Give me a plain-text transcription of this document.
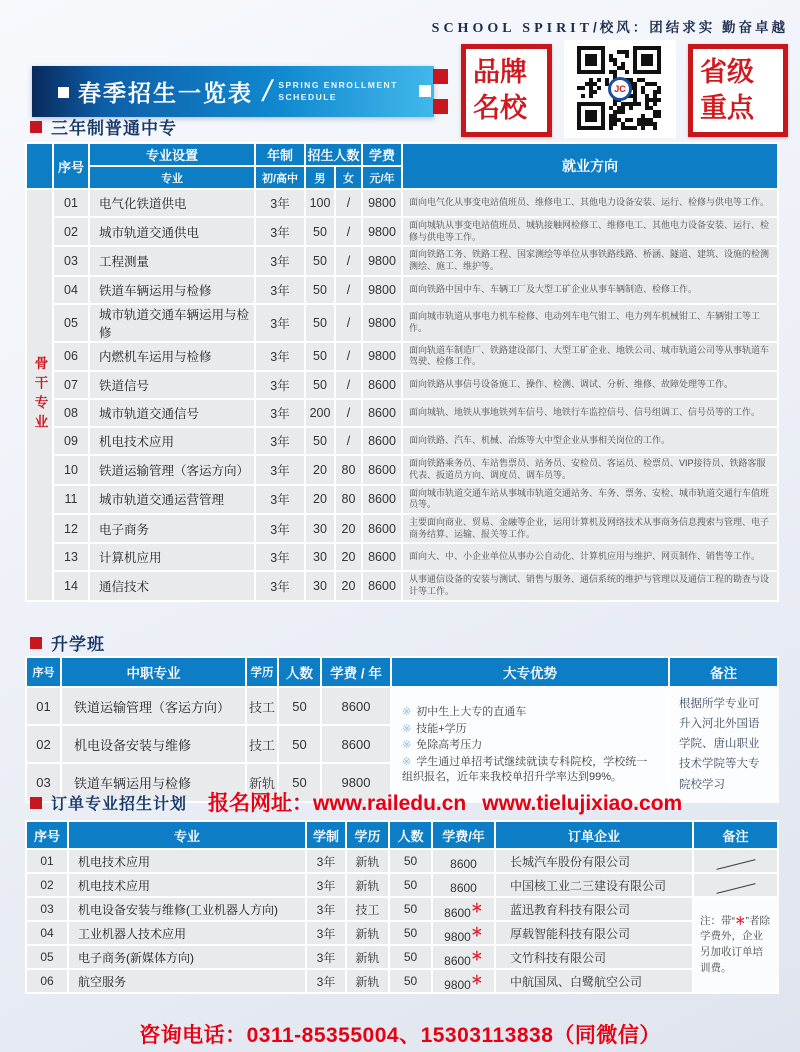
SCHOOL SPIRIT/校风：团结求实 勤奋卓越
春季招生一览表 / SPRING ENROLLMENT
SCHEDULE
品牌
名校
JC
省级
重点
三年制普通中专
	序号	专业设置	年制	招生人数		学费	就业方向
		专业	初/高中	男	女	元/年	
骨干专业	01	电气化铁道供电	3年	100	/	9800	面向电气化从事变电站值班员、维修电工、其他电力设备安装、运行、检修与供电等工作。
	02	城市轨道交通供电	3年	50	/	9800	面向城轨从事变电站值班员、城轨接触网检修工、维修电工、其他电力设备安装、运行、检修与供电等工作。
	03	工程测量	3年	50	/	9800	面向铁路工务、铁路工程、国家测绘等单位从事铁路线路、桥涵、隧道、建筑、设施的检测测绘、施工、维护等。
	04	铁道车辆运用与检修	3年	50	/	9800	面向铁路中国中车、车辆工厂及大型工矿企业从事车辆制造、检修工作。
	05	城市轨道交通车辆运用与检修	3年	50	/	9800	面向城市轨道从事电力机车检修、电动列车电气钳工、电力列车机械钳工、车辆钳工等工作。
	06	内燃机车运用与检修	3年	50	/	9800	面向轨道车制造厂、铁路建设部门、大型工矿企业、地铁公司、城市轨道公司等从事轨道车驾驶、检修工作。
	07	铁道信号	3年	50	/	8600	面向铁路从事信号设备施工、操作、检测、调试、分析、维修、故障处理等工作。
	08	城市轨道交通信号	3年	200	/	8600	面向城轨、地铁从事地铁列车信号、地铁行车监控信号、信号组调工、信号员等的工作。
	09	机电技术应用	3年	50	/	8600	面向铁路、汽车、机械、冶炼等大中型企业从事相关岗位的工作。
	10	铁道运输管理（客运方向）	3年	20	80	8600	面向铁路乘务员、车站售票员、站务员、安检员、客运员、检票员、VIP接待员、铁路客服代表、扳道员方向、调度员、调车员等。
	11	城市轨道交通运营管理	3年	20	80	8600	面向城市轨道交通车站从事城市轨道交通站务、车务、票务、安检、城市轨道交通行车值班员等。
	12	电子商务	3年	30	20	8600	主要面向商业、贸易、金融等企业，运用计算机及网络技术从事商务信息搜索与管理、电子商务结算、运输、报关等工作。
	13	计算机应用	3年	30	20	8600	面向大、中、小企业单位从事办公自动化、计算机应用与维护、网页制作、销售等工作。
	14	通信技术	3年	30	20	8600	从事通信设备的安装与测试、销售与服务、通信系统的维护与管理以及通信工程的勘查与设计等工作。
升学班
序号	中职专业	学历	人数	学费 / 年	大专优势	备注
01	铁道运输管理（客运方向）	技工	50	8600	※ 初中生上大专的直通车
※ 技能+学历
※ 免除高考压力
※ 学生通过单招考试继续就读专科院校，学校统一组织报名，近年来我校单招升学率达到99%。	根据所学专业可升入河北外国语学院、唐山职业技术学院等大专院校学习
02	机电设备安装与维修	技工	50	8600		
03	铁道车辆运用与检修	新轨	50	9800		
订单专业招生计划 报名网址：www.railedu.cn www.tielujixiao.com
序号	专业	学制	学历	人数	学费/年	订单企业	备注
01	机电技术应用	3年	新轨	50	8600	长城汽车股份有限公司	
02	机电技术应用	3年	新轨	50	8600	中国核工业二三建设有限公司	
03	机电设备安装与维修(工业机器人方向)	3年	技工	50	8600＊	蓝迅教育科技有限公司	注：带“＊”者除学费外，企业另加收订单培训费。
04	工业机器人技术应用	3年	新轨	50	9800＊	厚载智能科技有限公司	
05	电子商务(新媒体方向)	3年	新轨	50	8600＊	文竹科技有限公司	
06	航空服务	3年	新轨	50	9800＊	中航国凤、白鹭航空公司	
咨询电话：0311-85355004、15303113838（同微信）
